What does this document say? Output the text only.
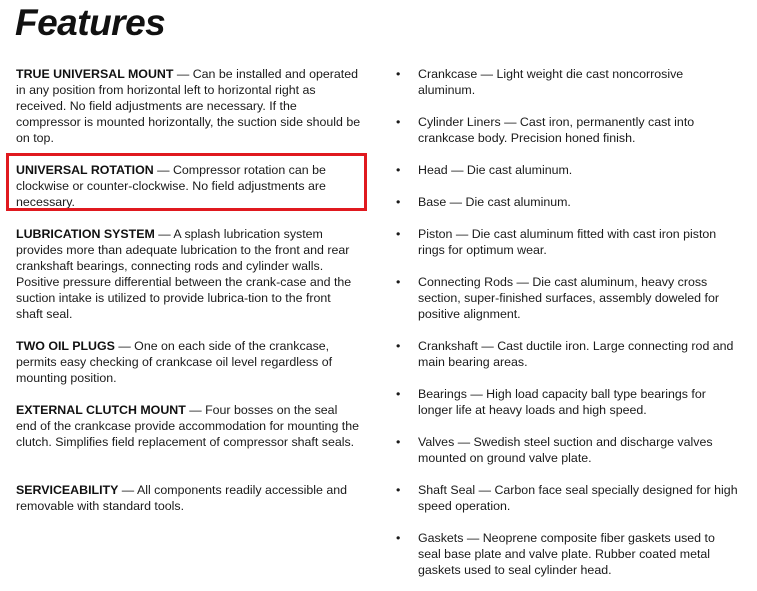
Features

TRUE UNIVERSAL MOUNT — Can be installed and operated in any position from horizontal left to horizontal right as received. No field adjustments are necessary. If the compressor is mounted horizontally, the suction side should be on top.

UNIVERSAL ROTATION — Compressor rotation can be clockwise or counter-clockwise. No field adjustments are necessary.

LUBRICATION SYSTEM — A splash lubrication system provides more than adequate lubrication to the front and rear crankshaft bearings, connecting rods and cylinder walls. Positive pressure differential between the crank-case and the suction intake is utilized to provide lubrica-tion to the front shaft seal.

TWO OIL PLUGS — One on each side of the crankcase, permits easy checking of crankcase oil level regardless of mounting position.

EXTERNAL CLUTCH MOUNT — Four bosses on the seal end of the crankcase provide accommodation for mounting the clutch. Simplifies field replacement of compressor shaft seals.

SERVICEABILITY — All components readily accessible and removable with standard tools.

•	Crankcase — Light weight die cast noncorrosive aluminum.
•	Cylinder Liners — Cast iron, permanently cast into crankcase body. Precision honed finish.
•	Head — Die cast aluminum.
•	Base — Die cast aluminum.
•	Piston — Die cast aluminum fitted with cast iron piston rings for optimum wear.
•	Connecting Rods — Die cast aluminum, heavy cross section, super-finished surfaces, assembly doweled for positive alignment.
•	Crankshaft — Cast ductile iron. Large connecting rod and main bearing areas.
•	Bearings — High load capacity ball type bearings for longer life at heavy loads and high speed.
•	Valves — Swedish steel suction and discharge valves mounted on ground valve plate.
•	Shaft Seal — Carbon face seal specially designed for high speed operation.
•	Gaskets — Neoprene composite fiber gaskets used to seal base plate and valve plate. Rubber coated metal gaskets used to seal cylinder head.
